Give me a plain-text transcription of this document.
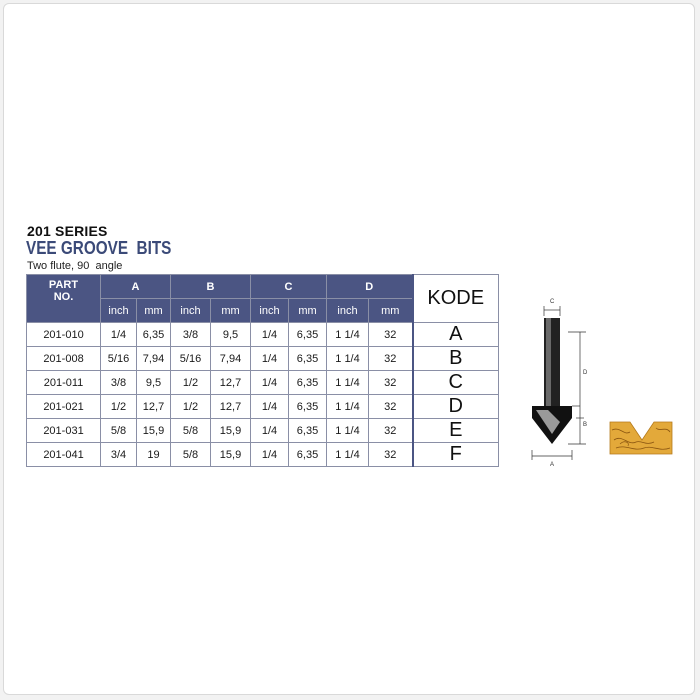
201 SERIES
VEE GROOVE  BITS
Two flute, 90  angle
PART
NO.	A		B		C		D		KODE
	inch	mm	inch	mm	inch	mm	inch	mm	
201-010	1/4	6,35	3/8	9,5	1/4	6,35	1 1/4	32	A
201-008	5/16	7,94	5/16	7,94	1/4	6,35	1 1/4	32	B
201-011	3/8	9,5	1/2	12,7	1/4	6,35	1 1/4	32	C
201-021	1/2	12,7	1/2	12,7	1/4	6,35	1 1/4	32	D
201-031	5/8	15,9	5/8	15,9	1/4	6,35	1 1/4	32	E
201-041	3/4	19	5/8	15,9	1/4	6,35	1 1/4	32	F
C
D
B
A
